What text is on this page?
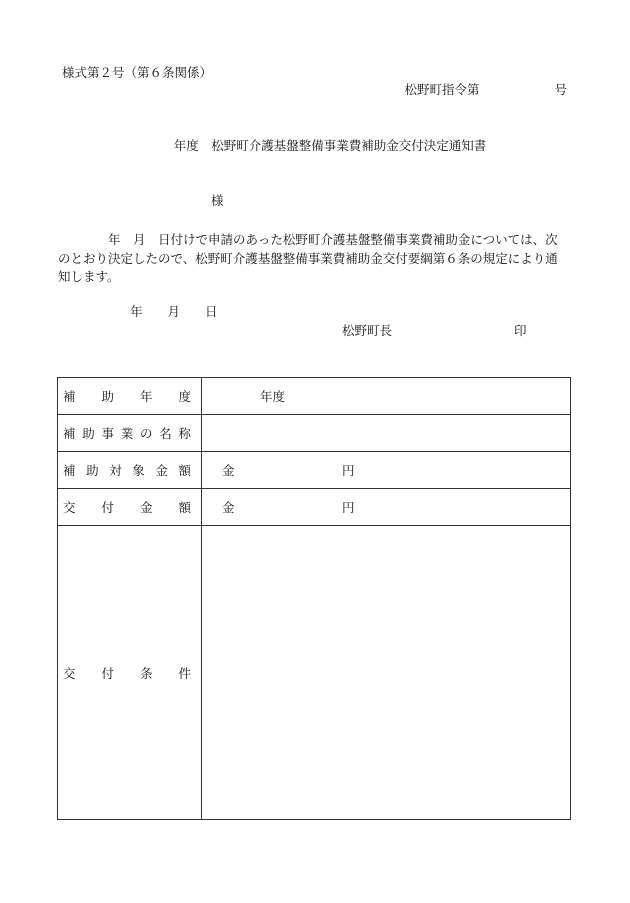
様式第２号（第６条関係）
松野町指令第　　　　　　号
年度　松野町介護基盤整備事業費補助金交付決定通知書
様
　　　　年　月　日付けで申請のあった松野町介護基盤整備事業費補助金については、次のとおり決定したので、松野町介護基盤整備事業費補助金交付要綱第６条の規定により通知します。
年　　月　　日
松野町長	印
補助年度	年度

補助事業の名称	

補助対象金額	金 円

交付金額	金 円

交付条件	
